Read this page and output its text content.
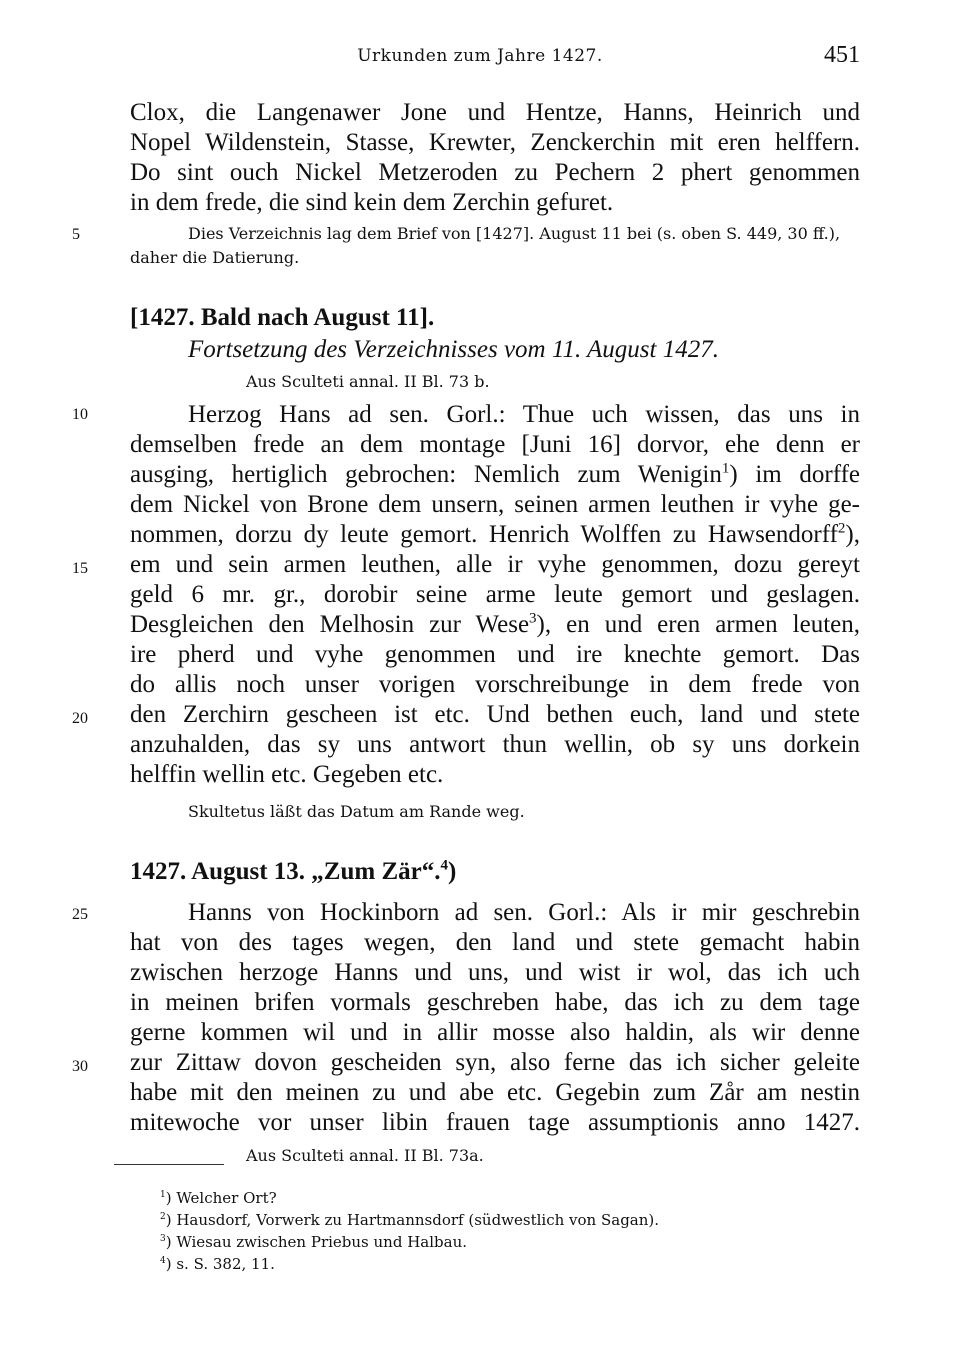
Urkunden zum Jahre 1427.	451
Clox, die Langenawer Jone und Hentze, Hanns, Heinrich und
Nopel Wildenstein, Stasse, Krewter, Zenckerchin mit eren helffern.
Do sint ouch Nickel Metzeroden zu Pechern 2 phert genommen
in dem frede, die sind kein dem Zerchin gefuret.
5	Dies Verzeichnis lag dem Brief von [1427]. August 11 bei (s. oben S. 449, 30 ff.),
daher die Datierung.
[1427. Bald nach August 11].
Fortsetzung des Verzeichnisses vom 11. August 1427.
Aus Sculteti annal. II Bl. 73 b.
10	Herzog Hans ad sen. Gorl.: Thue uch wissen, das uns in
demselben frede an dem montage [Juni 16] dorvor, ehe denn er
ausging, hertiglich gebrochen: Nemlich zum Wenigin$^1$) im dorffe
dem Nickel von Brone dem unsern, seinen armen leuthen ir vyhe ge-
nommen, dorzu dy leute gemort. Henrich Wolffen zu Hawsendorff$^2$),
15 em und sein armen leuthen, alle ir vyhe genommen, dozu gereyt
geld 6 mr. gr., dorobir seine arme leute gemort und geslagen.
Desgleichen den Melhosin zur Wese$^3$), en und eren armen leuten,
ire pherd und vyhe genommen und ire knechte gemort. Das
do allis noch unser vorigen vorschreibunge in dem frede von
20 den Zerchirn gescheen ist etc. Und bethen euch, land und stete
anzuhalden, das sy uns antwort thun wellin, ob sy uns dorkein
helffin wellin etc. Gegeben etc.
Skultetus läßt das Datum am Rande weg.
1427. August 13. „Zum Zär“.$^4$)
25	Hanns von Hockinborn ad sen. Gorl.: Als ir mir geschrebin
hat von des tages wegen, den land und stete gemacht habin
zwischen herzoge Hanns und uns, und wist ir wol, das ich uch
in meinen brifen vormals geschreben habe, das ich zu dem tage
gerne kommen wil und in allir mosse also haldin, als wir denne
30 zur Zittaw dovon gescheiden syn, also ferne das ich sicher geleite
habe mit den meinen zu und abe etc. Gegebin zum Zår am nestin
mitewoche vor unser libin frauen tage assumptionis anno 1427.
Aus Sculteti annal. II Bl. 73a.
$^1$) Welcher Ort?
$^2$) Hausdorf, Vorwerk zu Hartmannsdorf (südwestlich von Sagan).
$^3$) Wiesau zwischen Priebus und Halbau.
$^4$) s. S. 382, 11.
